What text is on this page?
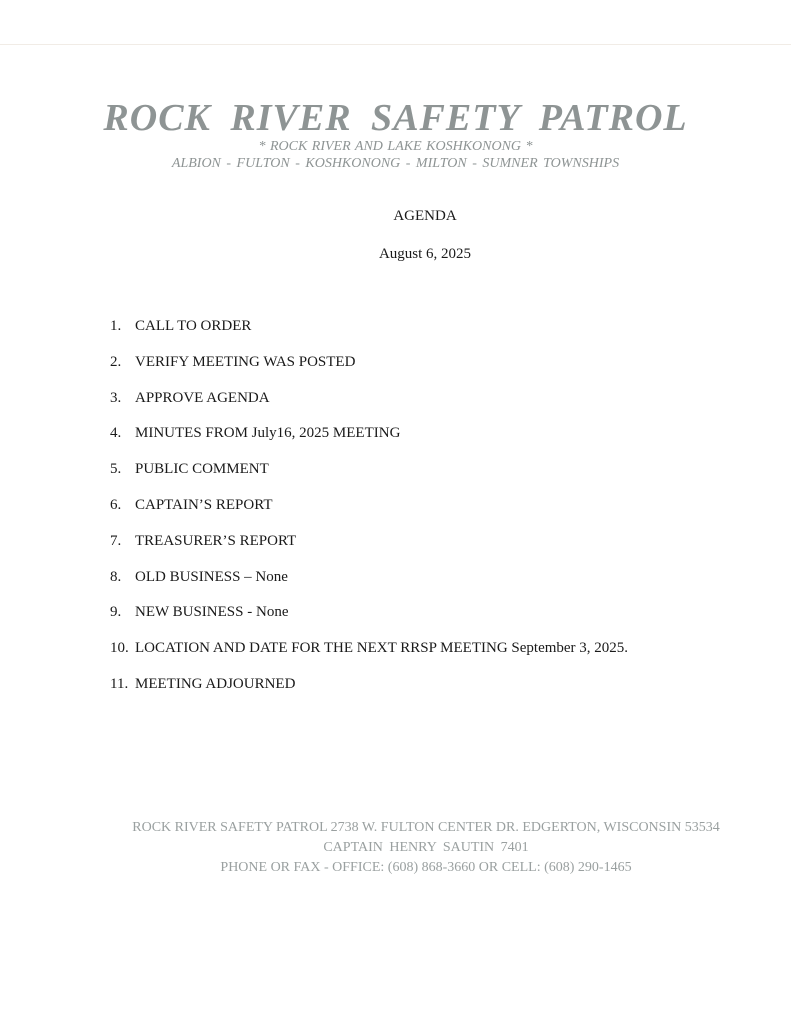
ROCK RIVER SAFETY PATROL
* ROCK RIVER AND LAKE KOSHKONONG *
ALBION - FULTON - KOSHKONONG - MILTON - SUMNER TOWNSHIPS
AGENDA
August 6, 2025
1. CALL TO ORDER
2. VERIFY MEETING WAS POSTED
3. APPROVE AGENDA
4. MINUTES FROM July16, 2025 MEETING
5. PUBLIC COMMENT
6. CAPTAIN’S REPORT
7. TREASURER’S REPORT
8. OLD BUSINESS – None
9. NEW BUSINESS - None
10. LOCATION AND DATE FOR THE NEXT RRSP MEETING September 3, 2025.
11. MEETING ADJOURNED
ROCK RIVER SAFETY PATROL 2738 W. FULTON CENTER DR. EDGERTON, WISCONSIN 53534
CAPTAIN HENRY SAUTIN 7401
PHONE OR FAX - OFFICE: (608) 868-3660 OR CELL: (608) 290-1465
